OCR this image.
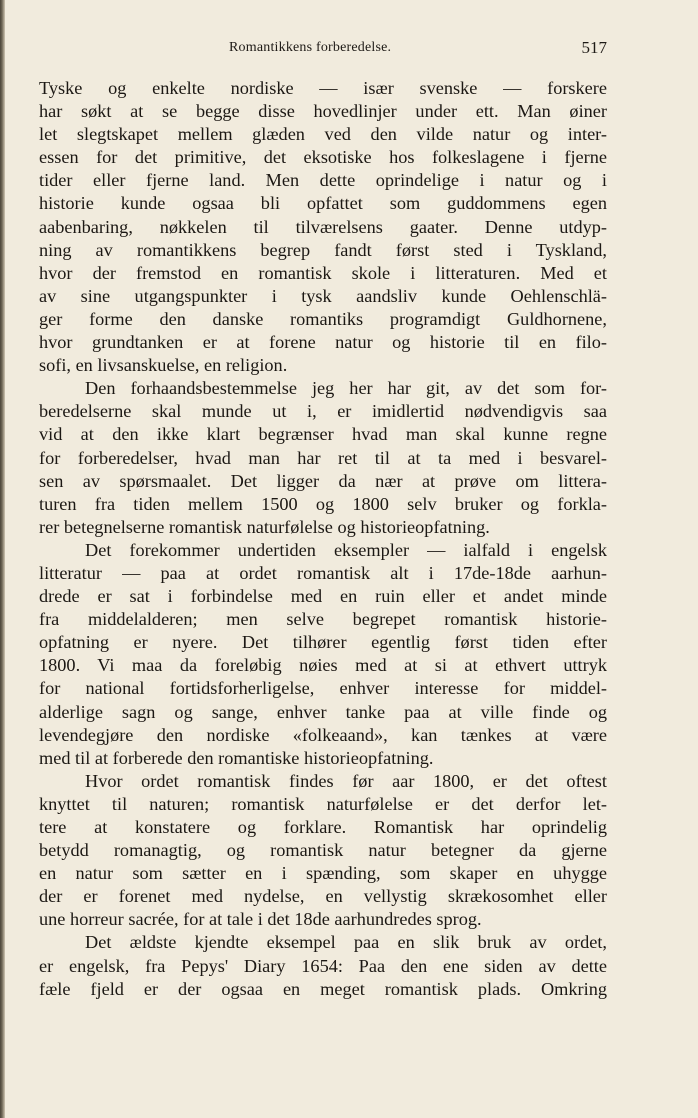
Romantikkens forberedelse.	517
Tyske og enkelte nordiske — især svenske — forskere
har søkt at se begge disse hovedlinjer under ett. Man øiner
let slegtskapet mellem glæden ved den vilde natur og inter-
essen for det primitive, det eksotiske hos folkeslagene i fjerne
tider eller fjerne land. Men dette oprindelige i natur og i
historie kunde ogsaa bli opfattet som guddommens egen
aabenbaring, nøkkelen til tilværelsens gaater. Denne utdyp-
ning av romantikkens begrep fandt først sted i Tyskland,
hvor der fremstod en romantisk skole i litteraturen. Med et
av sine utgangspunkter i tysk aandsliv kunde Oehlenschlä-
ger forme den danske romantiks programdigt Guldhornene,
hvor grundtanken er at forene natur og historie til en filo-
sofi, en livsanskuelse, en religion.
Den forhaandsbestemmelse jeg her har git, av det som for-
beredelserne skal munde ut i, er imidlertid nødvendigvis saa
vid at den ikke klart begrænser hvad man skal kunne regne
for forberedelser, hvad man har ret til at ta med i besvarel-
sen av spørsmaalet. Det ligger da nær at prøve om littera-
turen fra tiden mellem 1500 og 1800 selv bruker og forkla-
rer betegnelserne romantisk naturfølelse og historieopfatning.
Det forekommer undertiden eksempler — ialfald i engelsk
litteratur — paa at ordet romantisk alt i 17de-18de aarhun-
drede er sat i forbindelse med en ruin eller et andet minde
fra middelalderen; men selve begrepet romantisk historie-
opfatning er nyere. Det tilhører egentlig først tiden efter
1800. Vi maa da foreløbig nøies med at si at ethvert uttryk
for national fortidsforherligelse, enhver interesse for middel-
alderlige sagn og sange, enhver tanke paa at ville finde og
levendegjøre den nordiske «folkeaand», kan tænkes at være
med til at forberede den romantiske historieopfatning.
Hvor ordet romantisk findes før aar 1800, er det oftest
knyttet til naturen; romantisk naturfølelse er det derfor let-
tere at konstatere og forklare. Romantisk har oprindelig
betydd romanagtig, og romantisk natur betegner da gjerne
en natur som sætter en i spænding, som skaper en uhygge
der er forenet med nydelse, en vellystig skrækosomhet eller
une horreur sacrée, for at tale i det 18de aarhundredes sprog.
Det ældste kjendte eksempel paa en slik bruk av ordet,
er engelsk, fra Pepys' Diary 1654: Paa den ene siden av dette
fæle fjeld er der ogsaa en meget romantisk plads. Omkring
